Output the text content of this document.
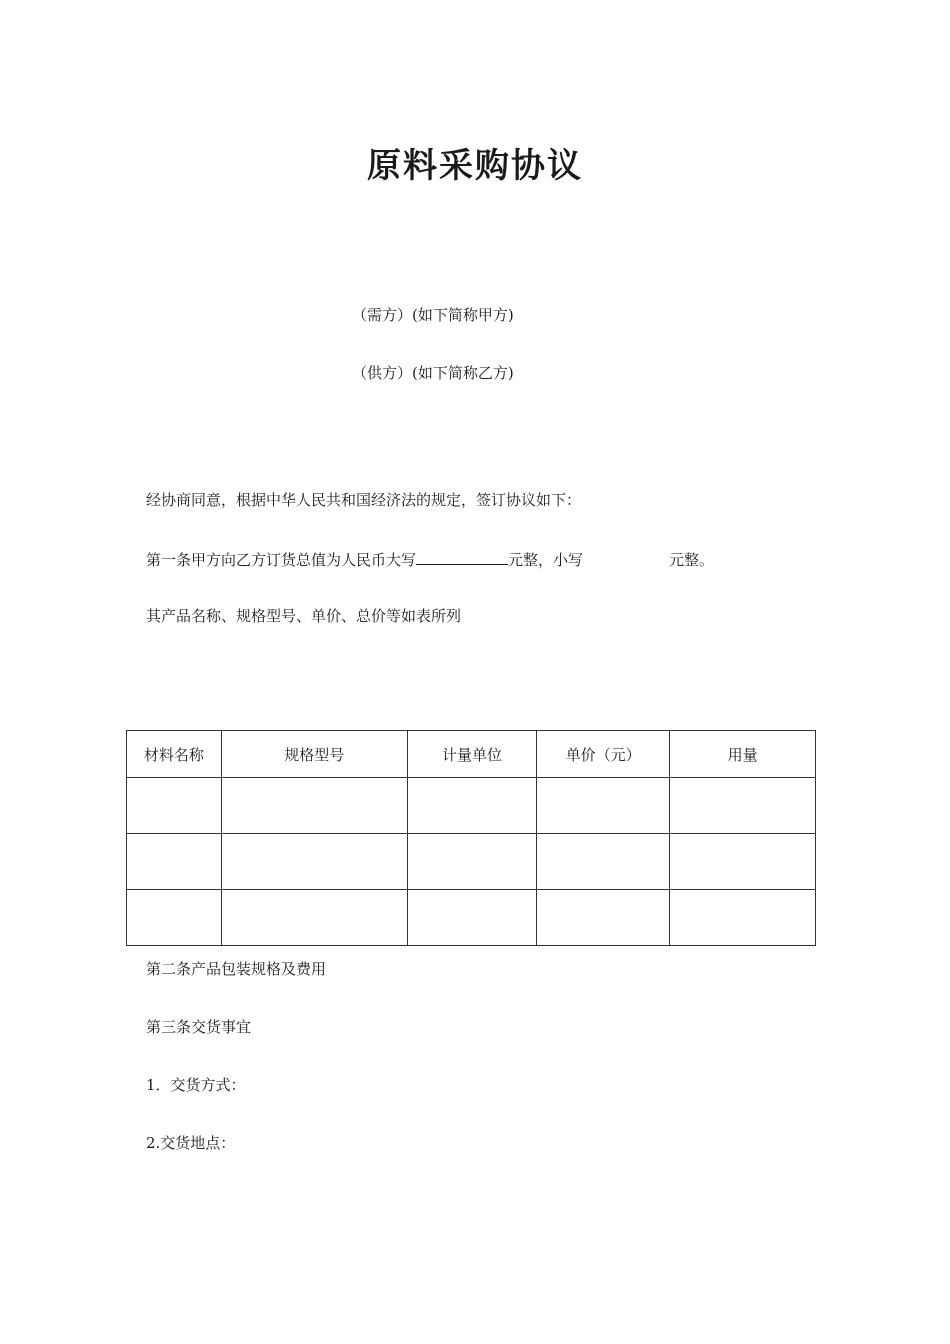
原料采购协议
（需方）(如下简称甲方)
（供方）(如下简称乙方)
经协商同意，根据中华人民共和国经济法的规定，签订协议如下：
第一条甲方向乙方订货总值为人民币大写	元整，小写	元整。
其产品名称、规格型号、单价、总价等如表所列
材料名称	规格型号	计量单位	单价（元）	用量

第二条产品包装规格及费用
第三条交货事宜
1．交货方式：
2.交货地点：
